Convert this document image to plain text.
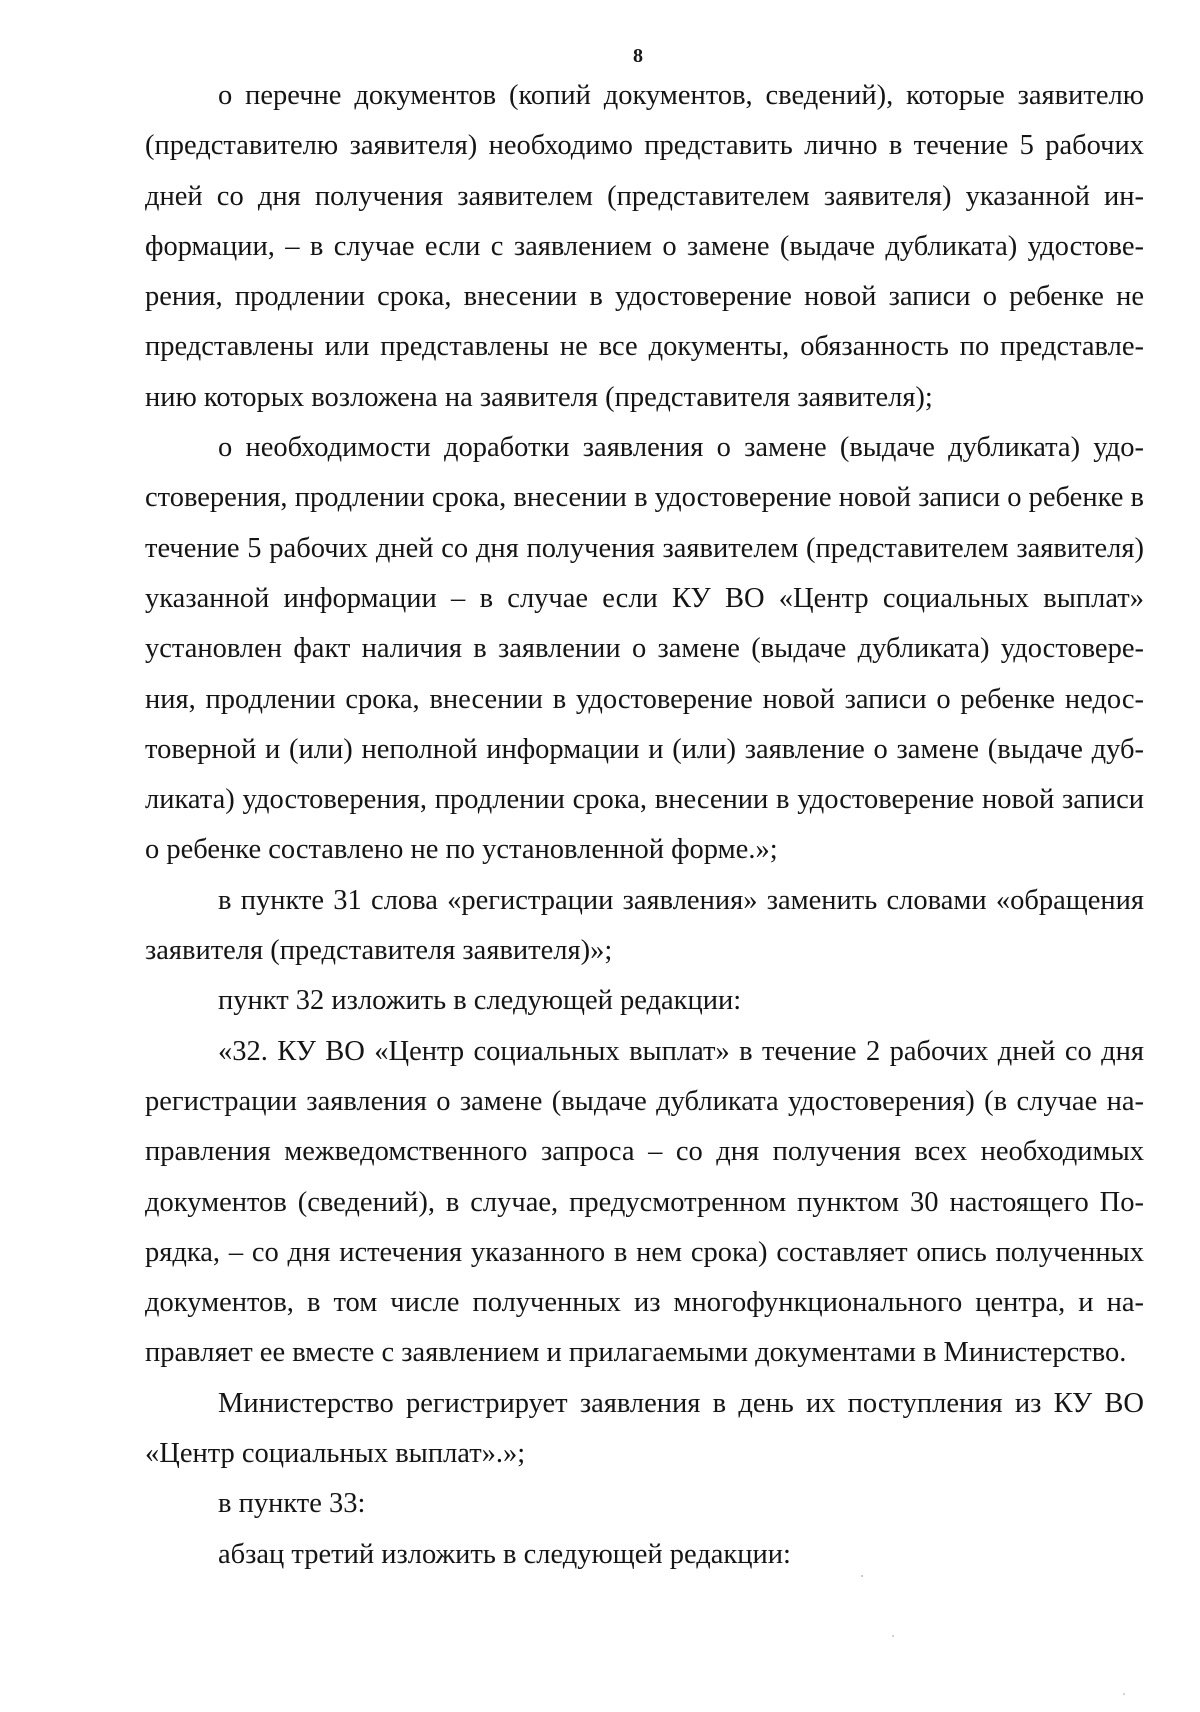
8

о перечне документов (копий документов, сведений), которые заявителю (представителю заявителя) необходимо представить лично в течение 5 рабочих дней со дня получения заявителем (представителем заявителя) указанной информации, – в случае если с заявлением о замене (выдаче дубликата) удостоверения, продлении срока, внесении в удостоверение новой записи о ребенке не представлены или представлены не все документы, обязанность по представлению которых возложена на заявителя (представителя заявителя);

о необходимости доработки заявления о замене (выдаче дубликата) удостоверения, продлении срока, внесении в удостоверение новой записи о ребенке в течение 5 рабочих дней со дня получения заявителем (представителем заявителя) указанной информации – в случае если КУ ВО «Центр социальных выплат» установлен факт наличия в заявлении о замене (выдаче дубликата) удостоверения, продлении срока, внесении в удостоверение новой записи о ребенке недостоверной и (или) неполной информации и (или) заявление о замене (выдаче дубликата) удостоверения, продлении срока, внесении в удостоверение новой записи о ребенке составлено не по установленной форме.»;

в пункте 31 слова «регистрации заявления» заменить словами «обращения заявителя (представителя заявителя)»;

пункт 32 изложить в следующей редакции:

«32. КУ ВО «Центр социальных выплат» в течение 2 рабочих дней со дня регистрации заявления о замене (выдаче дубликата удостоверения) (в случае направления межведомственного запроса – со дня получения всех необходимых документов (сведений), в случае, предусмотренном пунктом 30 настоящего Порядка, – со дня истечения указанного в нем срока) составляет опись полученных документов, в том числе полученных из многофункционального центра, и направляет ее вместе с заявлением и прилагаемыми документами в Министерство.

Министерство регистрирует заявления в день их поступления из КУ ВО «Центр социальных выплат».»;

в пункте 33:

абзац третий изложить в следующей редакции:
